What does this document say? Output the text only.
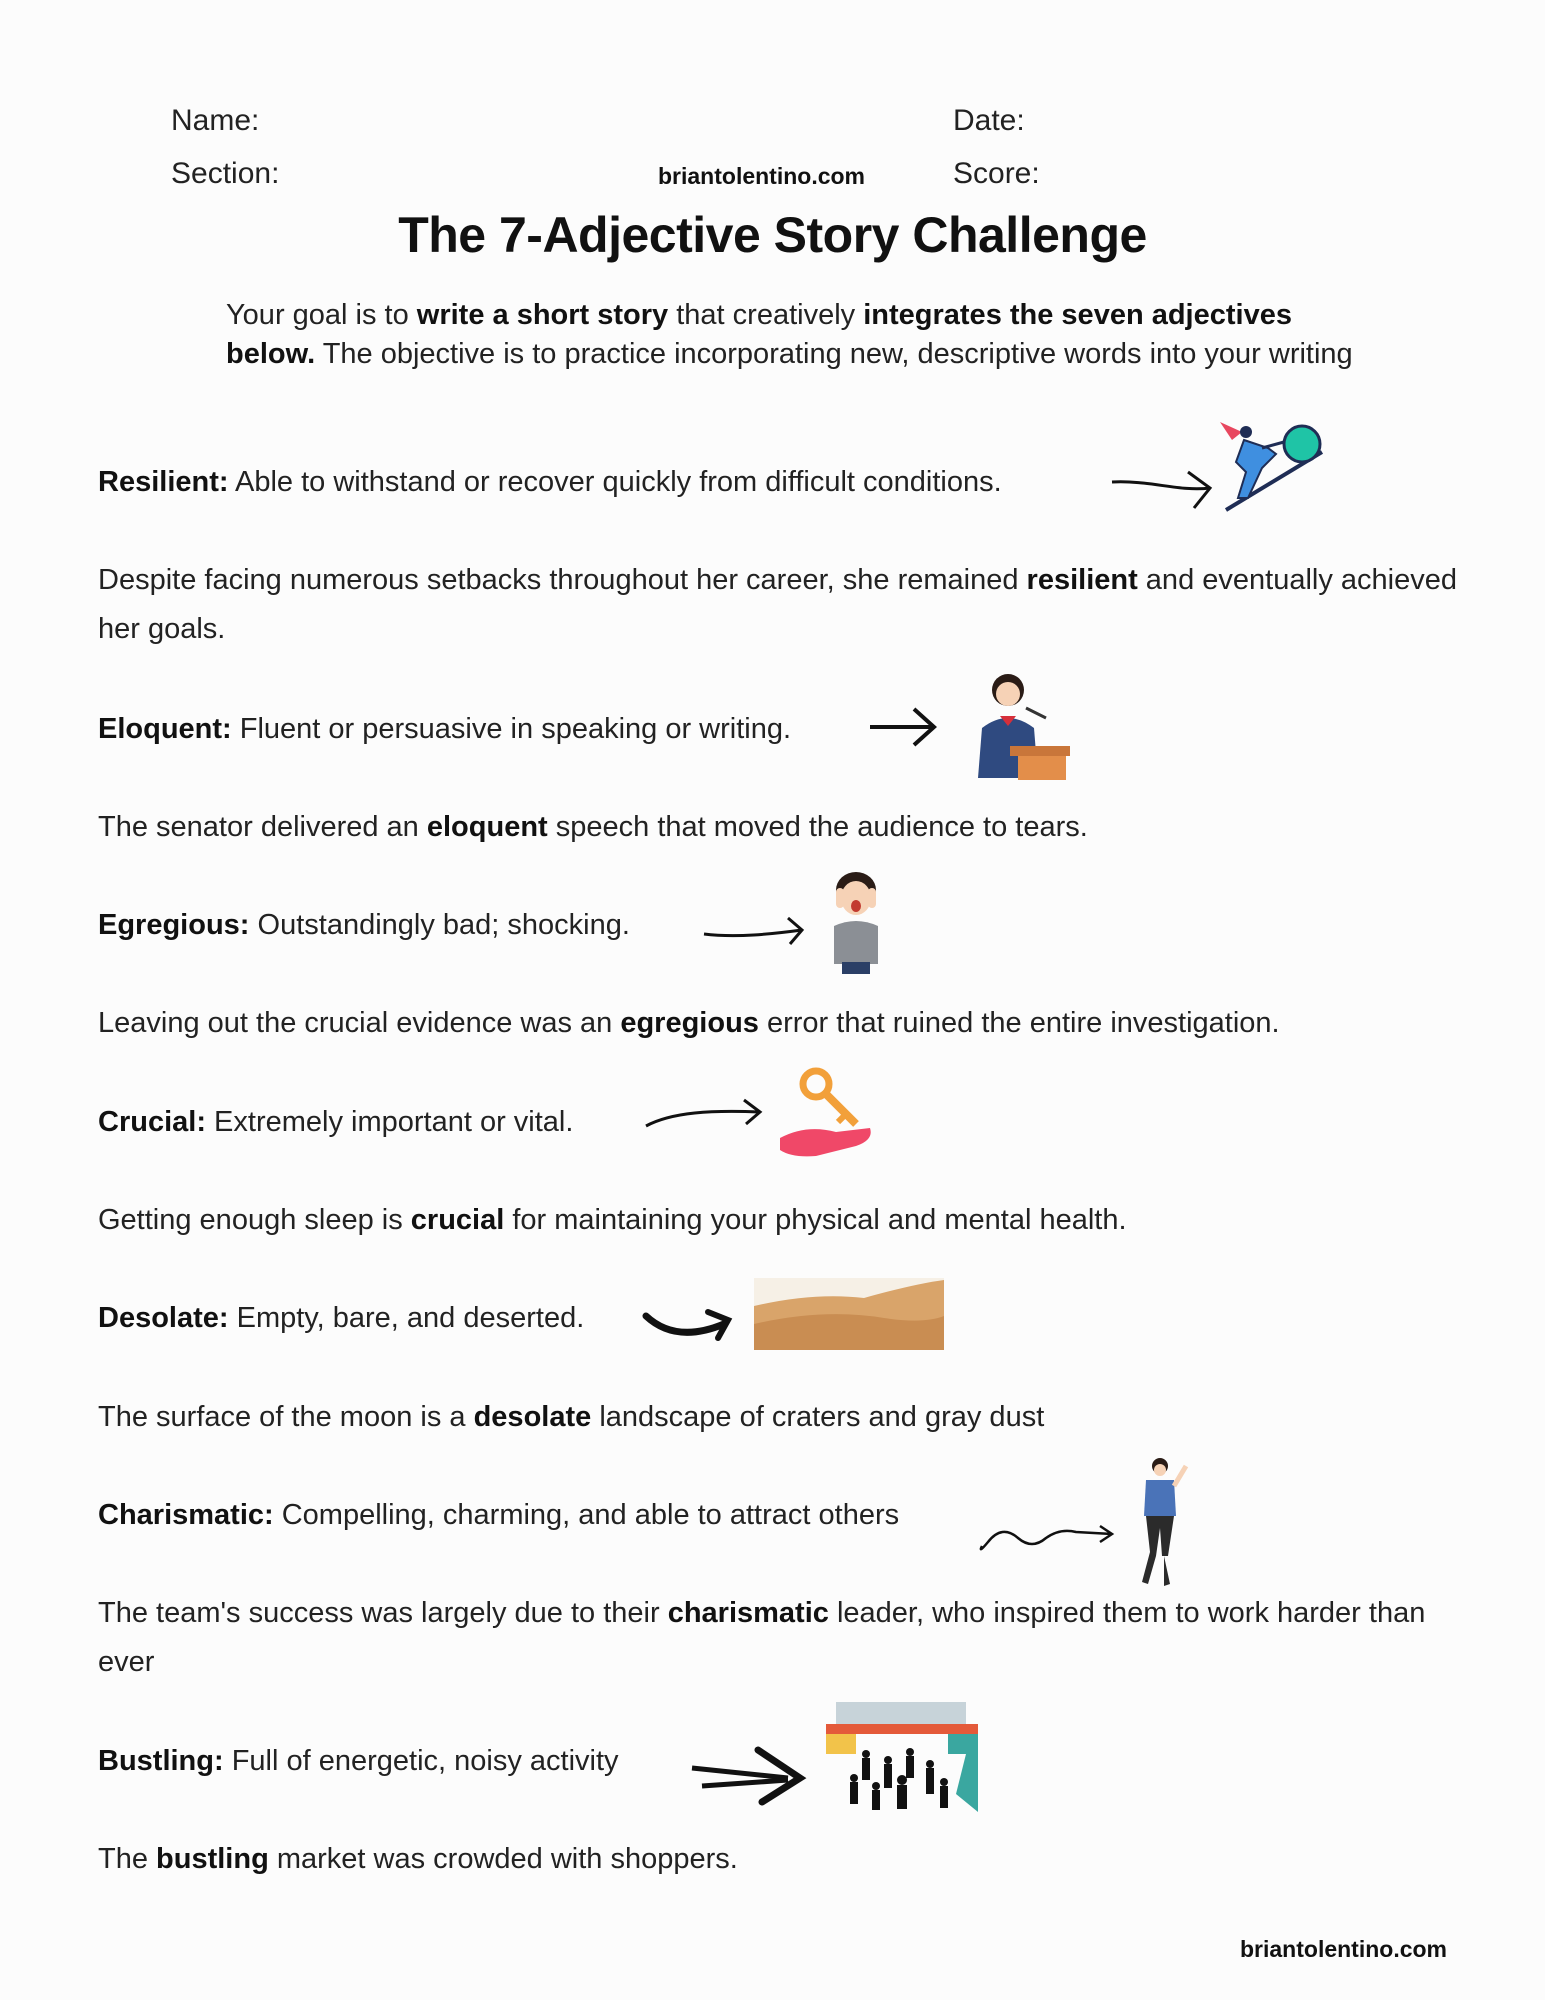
Name:	Date:
Section:	briantolentino.com	Score:
The 7-Adjective Story Challenge
Your goal is to write a short story that creatively integrates the seven adjectives below. The objective is to practice incorporating new, descriptive words into your writing
Resilient: Able to withstand or recover quickly from difficult conditions.
Despite facing numerous setbacks throughout her career, she remained resilient and eventually achieved her goals.
Eloquent: Fluent or persuasive in speaking or writing.
The senator delivered an eloquent speech that moved the audience to tears.
Egregious: Outstandingly bad; shocking.
Leaving out the crucial evidence was an egregious error that ruined the entire investigation.
Crucial: Extremely important or vital.
Getting enough sleep is crucial for maintaining your physical and mental health.
Desolate: Empty, bare, and deserted.
The surface of the moon is a desolate landscape of craters and gray dust
Charismatic: Compelling, charming, and able to attract others
The team's success was largely due to their charismatic leader, who inspired them to work harder than ever
Bustling: Full of energetic, noisy activity
The bustling market was crowded with shoppers.
briantolentino.com
